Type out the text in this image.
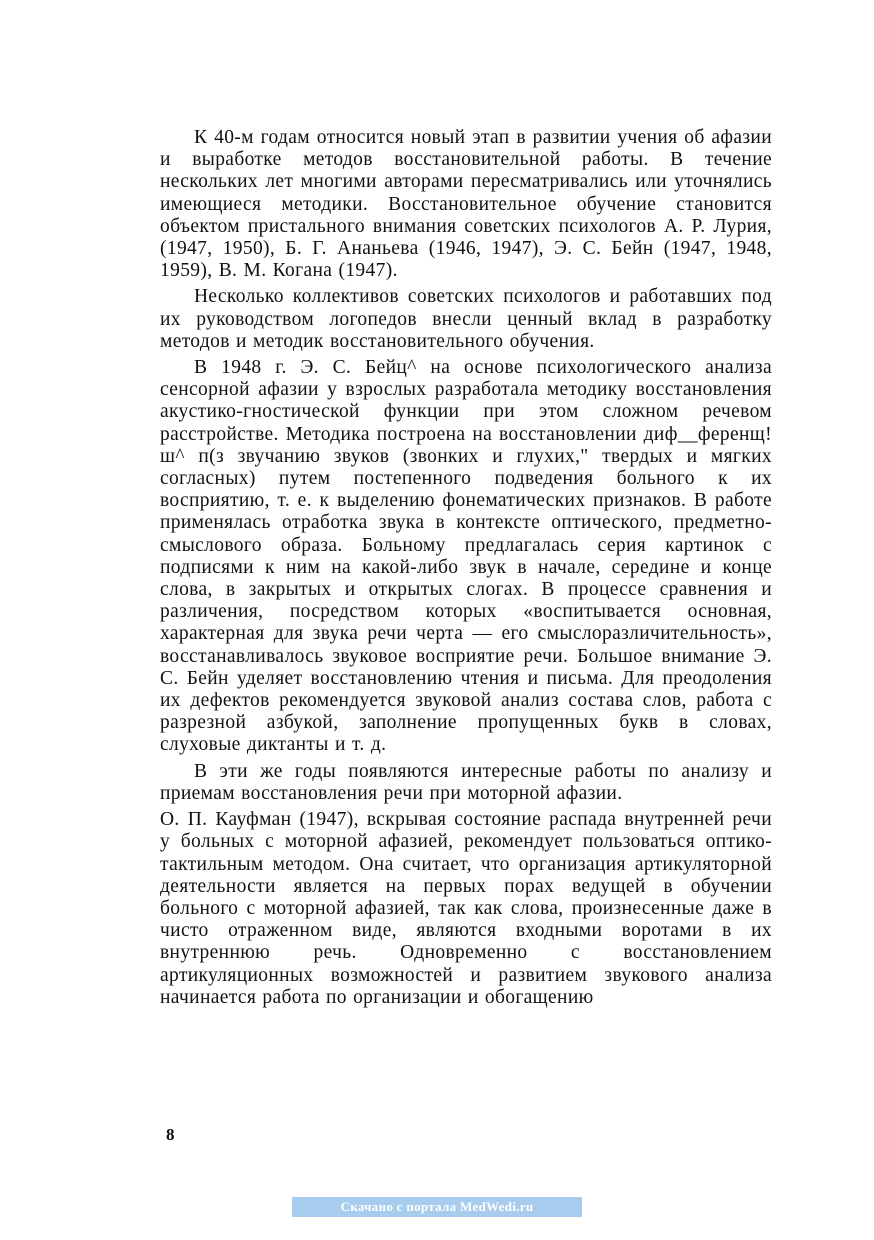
К 40-м годам относится новый этап в развитии учения об афазии и выработке методов восстановительной работы. В течение нескольких лет многими авторами пересматривались или уточнялись имеющиеся методики. Восстановительное обучение становится объектом пристального внимания советских психологов А. Р. Лурия, (1947, 1950), Б. Г. Ананьева (1946, 1947), Э. С. Бейн (1947, 1948, 1959), В. М. Когана (1947).

Несколько коллективов советских психологов и работавших под их руководством логопедов внесли ценный вклад в разработку методов и методик восстановительного обучения.

В 1948 г. Э. С. Бейц^ на основе психологического анализа сенсорной афазии у взрослых разработала методику восстановления акустико-гностической функции при этом сложном речевом расстройстве. Методика построена на восстановлении диф__ференщ!ш^ п(з звучанию звуков (звонких и глухих," твердых и мягких согласных) путем постепенного подведения больного к их восприятию, т. е. к выделению фонематических признаков. В работе применялась отработка звука в контексте оптического, предметно-смыслового образа. Больному предлагалась серия картинок с подписями к ним на какой-либо звук в начале, середине и конце слова, в закрытых и открытых слогах. В процессе сравнения и различения, посредством которых «воспитывается основная, характерная для звука речи черта — его смыслоразличительность», восстанавливалось звуковое восприятие речи. Большое внимание Э. С. Бейн уделяет восстановлению чтения и письма. Для преодоления их дефектов рекомендуется звуковой анализ состава слов, работа с разрезной азбукой, заполнение пропущенных букв в словах, слуховые диктанты и т. д.

В эти же годы появляются интересные работы по анализу и приемам восстановления речи при моторной афазии.

О. П. Кауфман (1947), вскрывая состояние распада внутренней речи у больных с моторной афазией, рекомендует пользоваться оптико-тактильным методом. Она считает, что организация артикуляторной деятельности является на первых порах ведущей в обучении больного с моторной афазией, так как слова, произнесенные даже в чисто отраженном виде, являются входными воротами в их внутреннюю речь. Одновременно с восстановлением артикуляционных возможностей и развитием звукового анализа начинается работа по организации и обогащению

8
Скачано с портала MedWedi.ru
